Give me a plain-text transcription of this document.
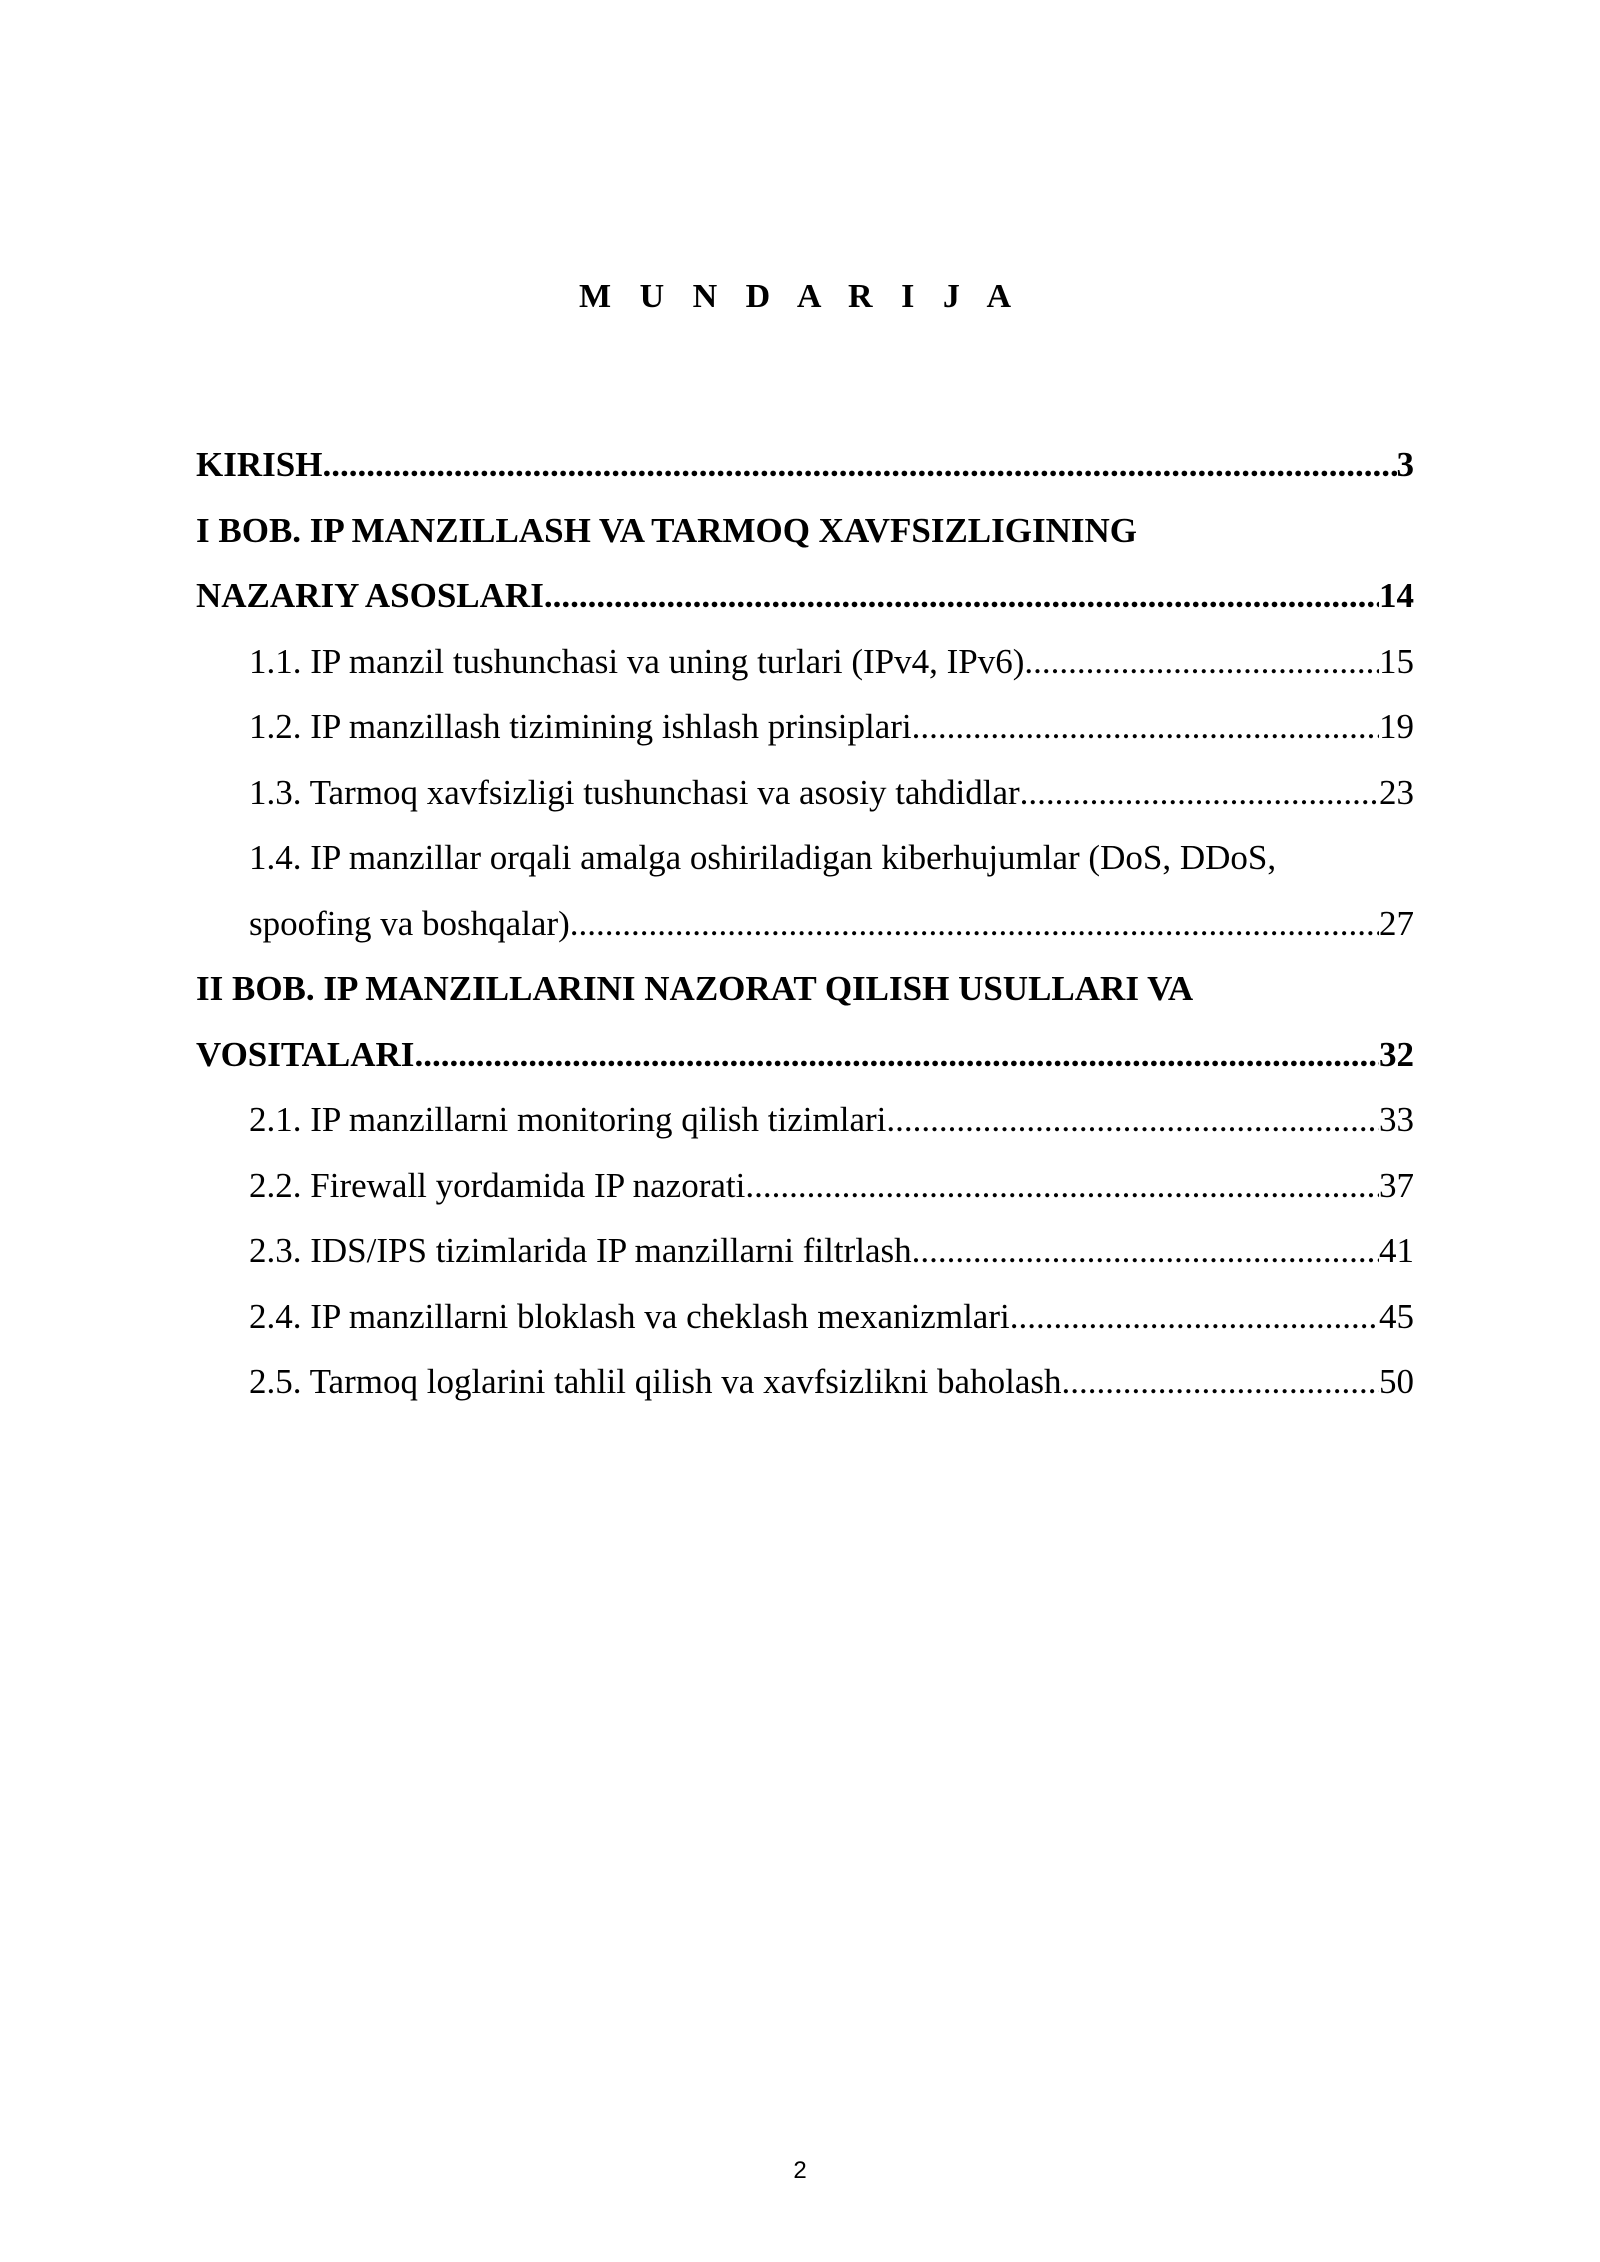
M U N D A R I J A
KIRISH .....	3
I BOB. IP MANZILLASH VA TARMOQ XAVFSIZLIGINING
NAZARIY ASOSLARI .....	14
1.1. IP manzil tushunchasi va uning turlari (IPv4, IPv6) .....	15
1.2. IP manzillash tizimining ishlash prinsiplari .....	19
1.3. Tarmoq xavfsizligi tushunchasi va asosiy tahdidlar .....	23
1.4. IP manzillar orqali amalga oshiriladigan kiberhujumlar (DoS, DDoS,
spoofing va boshqalar) .....	27
II BOB. IP MANZILLARINI NAZORAT QILISH USULLARI VA
VOSITALARI .....	32
2.1. IP manzillarni monitoring qilish tizimlari .....	33
2.2. Firewall yordamida IP nazorati .....	37
2.3. IDS/IPS tizimlarida IP manzillarni filtrlash .....	41
2.4. IP manzillarni bloklash va cheklash mexanizmlari .....	45
2.5. Tarmoq loglarini tahlil qilish va xavfsizlikni baholash .....	50
2
